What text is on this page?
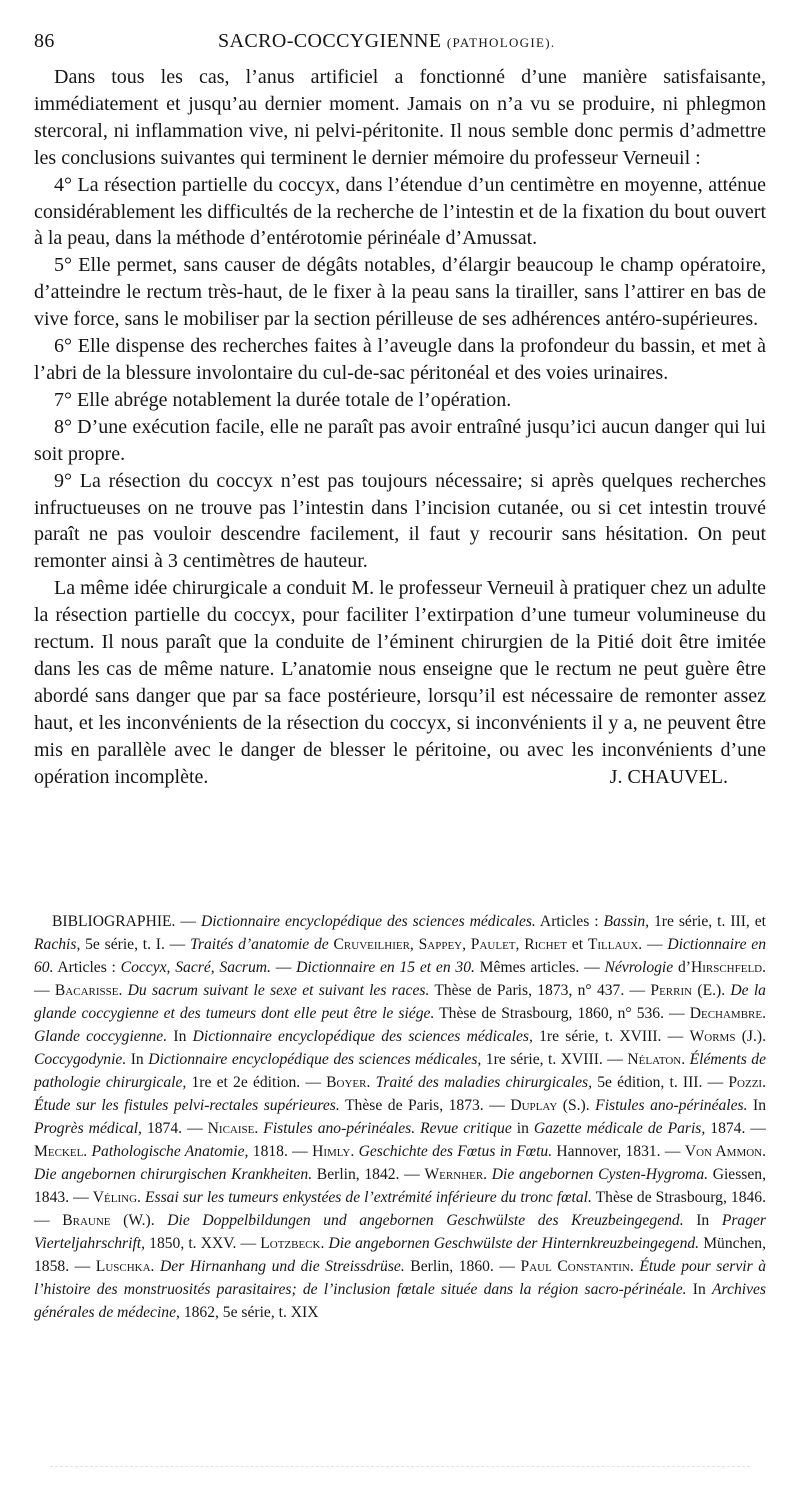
86	SACRO-COCCYGIENNE (PATHOLOGIE).

Dans tous les cas, l’anus artificiel a fonctionné d’une manière satisfaisante, immédiatement et jusqu’au dernier moment. Jamais on n’a vu se produire, ni phlegmon stercoral, ni inflammation vive, ni pelvi-péritonite. Il nous semble donc permis d’admettre les conclusions suivantes qui terminent le dernier mémoire du professeur Verneuil :

4° La résection partielle du coccyx, dans l’étendue d’un centimètre en moyenne, atténue considérablement les difficultés de la recherche de l’intestin et de la fixation du bout ouvert à la peau, dans la méthode d’entérotomie périnéale d’Amussat.

5° Elle permet, sans causer de dégâts notables, d’élargir beaucoup le champ opératoire, d’atteindre le rectum très-haut, de le fixer à la peau sans la tirailler, sans l’attirer en bas de vive force, sans le mobiliser par la section périlleuse de ses adhérences antéro-supérieures.

6° Elle dispense des recherches faites à l’aveugle dans la profondeur du bassin, et met à l’abri de la blessure involontaire du cul-de-sac péritonéal et des voies urinaires.

7° Elle abrége notablement la durée totale de l’opération.

8° D’une exécution facile, elle ne paraît pas avoir entraîné jusqu’ici aucun danger qui lui soit propre.

9° La résection du coccyx n’est pas toujours nécessaire; si après quelques recherches infructueuses on ne trouve pas l’intestin dans l’incision cutanée, ou si cet intestin trouvé paraît ne pas vouloir descendre facilement, il faut y recourir sans hésitation. On peut remonter ainsi à 3 centimètres de hauteur.

La même idée chirurgicale a conduit M. le professeur Verneuil à pratiquer chez un adulte la résection partielle du coccyx, pour faciliter l’extirpation d’une tumeur volumineuse du rectum. Il nous paraît que la conduite de l’éminent chirurgien de la Pitié doit être imitée dans les cas de même nature. L’anatomie nous enseigne que le rectum ne peut guère être abordé sans danger que par sa face postérieure, lorsqu’il est nécessaire de remonter assez haut, et les inconvénients de la résection du coccyx, si inconvénients il y a, ne peuvent être mis en parallèle avec le danger de blesser le péritoine, ou avec les inconvénients d’une opération incomplète.	J. CHAUVEL.
BIBLIOGRAPHIE. — Dictionnaire encyclopédique des sciences médicales. Articles : Bassin, 1re série, t. III, et Rachis, 5e série, t. I. — Traités d’anatomie de Cruveilhier, Sappey, Paulet, Richet et Tillaux. — Dictionnaire en 60. Articles : Coccyx, Sacré, Sacrum. — Dictionnaire en 15 et en 30. Mêmes articles. — Névrologie d’Hirschfeld. — Bacarisse. Du sacrum suivant le sexe et suivant les races. Thèse de Paris, 1873, n° 437. — Perrin (E.). De la glande coccygienne et des tumeurs dont elle peut être le siége. Thèse de Strasbourg, 1860, n° 536. — Dechambre. Glande coccygienne. In Dictionnaire encyclopédique des sciences médicales, 1re série, t. XVIII. — Worms (J.). Coccygodynie. In Dictionnaire encyclopédique des sciences médicales, 1re série, t. XVIII. — Nélaton. Éléments de pathologie chirurgicale, 1re et 2e édition. — Boyer. Traité des maladies chirurgicales, 5e édition, t. III. — Pozzi. Étude sur les fistules pelvi-rectales supérieures. Thèse de Paris, 1873. — Duplay (S.). Fistules ano-périnéales. In Progrès médical, 1874. — Nicaise. Fistules ano-périnéales. Revue critique in Gazette médicale de Paris, 1874. — Meckel. Pathologische Anatomie, 1818. — Himly. Geschichte des Fœtus in Fœtu. Hannover, 1831. — Von Ammon. Die angebornen chirurgischen Krankheiten. Berlin, 1842. — Wernher. Die angebornen Cysten-Hygroma. Giessen, 1843. — Véling. Essai sur les tumeurs enkystées de l’extrémité inférieure du tronc fœtal. Thèse de Strasbourg, 1846. — Braune (W.). Die Doppelbildungen und angebornen Geschwülste des Kreuzbeingegend. In Prager Vierteljahrschrift, 1850, t. XXV. — Lotzbeck. Die angebornen Geschwülste der Hinternkreuzbeingegend. München, 1858. — Luschka. Der Hirnanhang und die Streissdrüse. Berlin, 1860. — Paul Constantin. Étude pour servir à l’histoire des monstruosités parasitaires; de l’inclusion fœtale située dans la région sacro-périnéale. In Archives générales de médecine, 1862, 5e série, t. XIX
